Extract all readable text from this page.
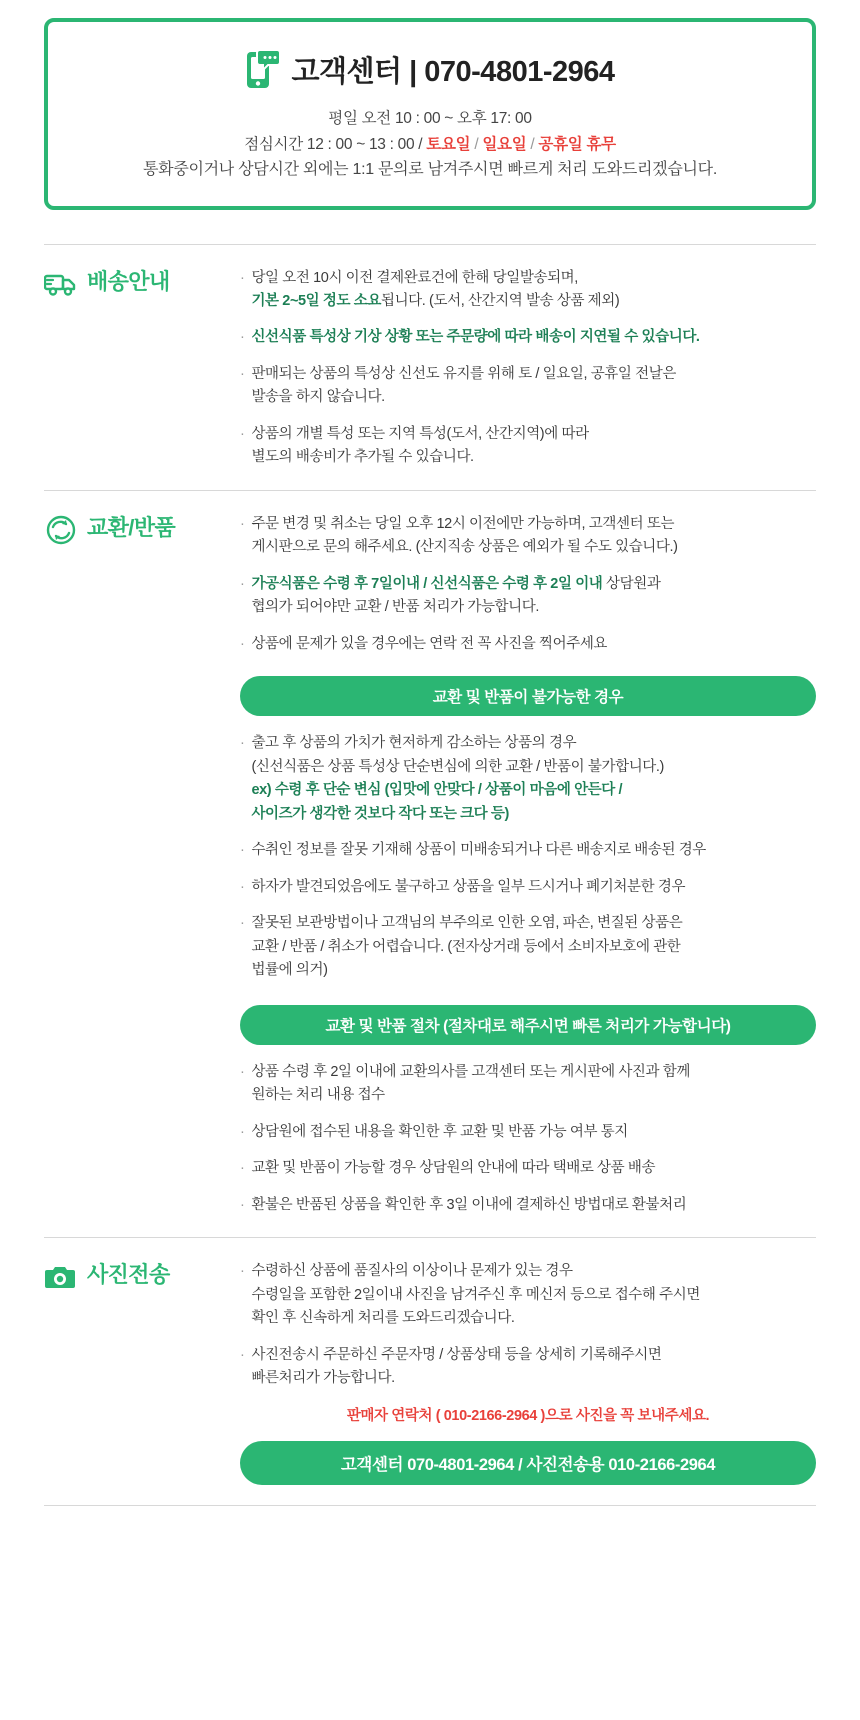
고객센터 | 070-4801-2964
평일 오전 10 : 00 ~ 오후 17: 00
점심시간 12 : 00 ~ 13 : 00 / 토요일 / 일요일 / 공휴일 휴무
통화중이거나 상담시간 외에는 1:1 문의로 남겨주시면 빠르게 처리 도와드리겠습니다.
배송안내	· 당일 오전 10시 이전 결제완료건에 한해 당일발송되며,
기본 2~5일 정도 소요됩니다. (도서, 산간지역 발송 상품 제외)
· 신선식품 특성상 기상 상황 또는 주문량에 따라 배송이 지연될 수 있습니다.
· 판매되는 상품의 특성상 신선도 유지를 위해 토 / 일요일, 공휴일 전날은
발송을 하지 않습니다.
· 상품의 개별 특성 또는 지역 특성(도서, 산간지역)에 따라
별도의 배송비가 추가될 수 있습니다.
교환/반품	· 주문 변경 및 취소는 당일 오후 12시 이전에만 가능하며, 고객센터 또는
게시판으로 문의 해주세요. (산지직송 상품은 예외가 될 수도 있습니다.)
· 가공식품은 수령 후 7일이내 / 신선식품은 수령 후 2일 이내 상담원과
협의가 되어야만 교환 / 반품 처리가 가능합니다.
· 상품에 문제가 있을 경우에는 연락 전 꼭 사진을 찍어주세요
교환 및 반품이 불가능한 경우
· 출고 후 상품의 가치가 현저하게 감소하는 상품의 경우
(신선식품은 상품 특성상 단순변심에 의한 교환 / 반품이 불가합니다.)
ex) 수령 후 단순 변심 (입맛에 안맞다 / 상품이 마음에 안든다 /
사이즈가 생각한 것보다 작다 또는 크다 등)
· 수취인 정보를 잘못 기재해 상품이 미배송되거나 다른 배송지로 배송된 경우
· 하자가 발견되었음에도 불구하고 상품을 일부 드시거나 폐기처분한 경우
· 잘못된 보관방법이나 고객님의 부주의로 인한 오염, 파손, 변질된 상품은
교환 / 반품 / 취소가 어렵습니다. (전자상거래 등에서 소비자보호에 관한
법률에 의거)
교환 및 반품 절차 (절차대로 해주시면 빠른 처리가 가능합니다)
· 상품 수령 후 2일 이내에 교환의사를 고객센터 또는 게시판에 사진과 함께
원하는 처리 내용 접수
· 상담원에 접수된 내용을 확인한 후 교환 및 반품 가능 여부 통지
· 교환 및 반품이 가능할 경우 상담원의 안내에 따라 택배로 상품 배송
· 환불은 반품된 상품을 확인한 후 3일 이내에 결제하신 방법대로 환불처리
사진전송	· 수령하신 상품에 품질사의 이상이나 문제가 있는 경우
수령일을 포함한 2일이내 사진을 남겨주신 후 메신저 등으로 접수해 주시면
확인 후 신속하게 처리를 도와드리겠습니다.
· 사진전송시 주문하신 주문자명 / 상품상태 등을 상세히 기록해주시면
빠른처리가 가능합니다.
판매자 연락처 ( 010-2166-2964 )으로 사진을 꼭 보내주세요.
고객센터 070-4801-2964 / 사진전송용 010-2166-2964
